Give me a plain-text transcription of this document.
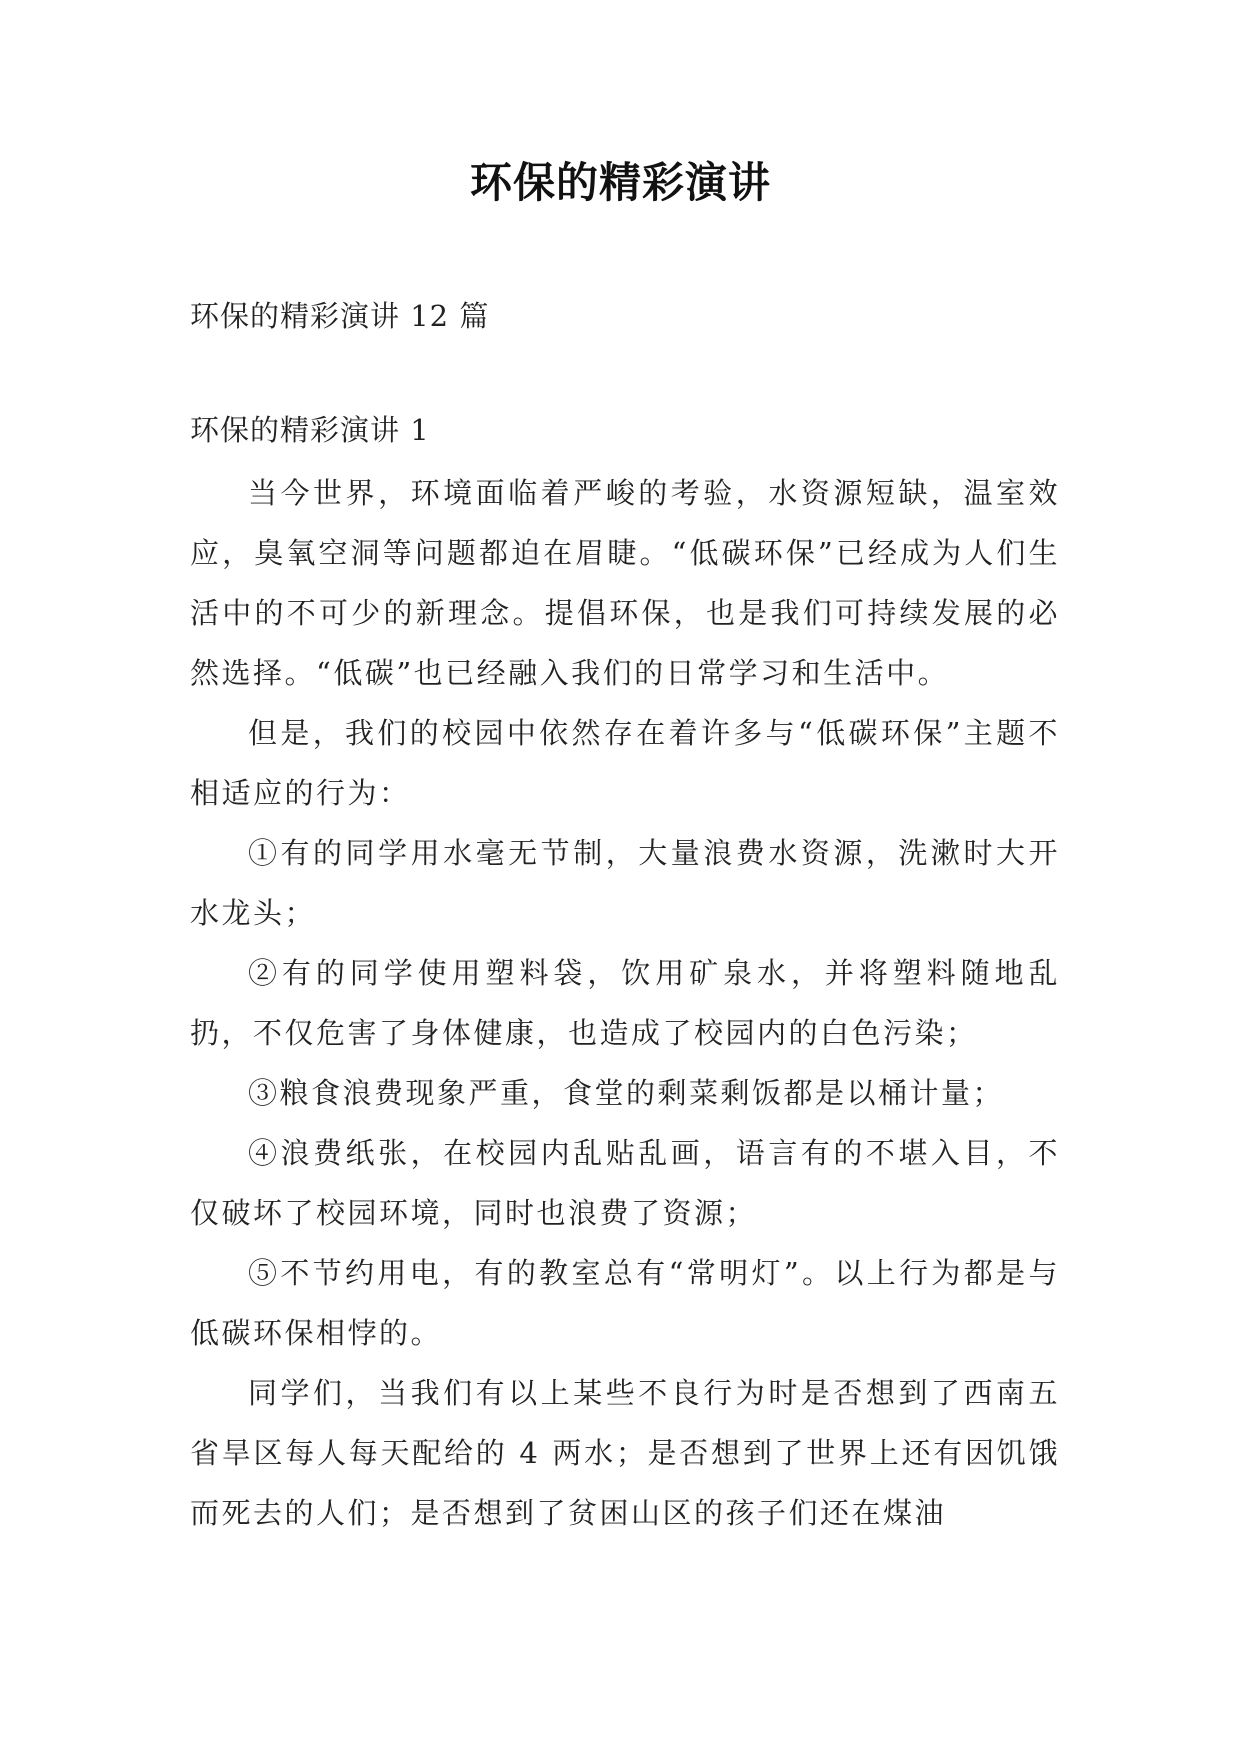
环保的精彩演讲
环保的精彩演讲 12 篇
环保的精彩演讲 1

当今世界，环境面临着严峻的考验，水资源短缺，温室效应，臭氧空洞等问题都迫在眉睫。“低碳环保”已经成为人们生活中的不可少的新理念。提倡环保，也是我们可持续发展的必然选择。“低碳”也已经融入我们的日常学习和生活中。

但是，我们的校园中依然存在着许多与“低碳环保”主题不相适应的行为：

①有的同学用水毫无节制，大量浪费水资源，洗漱时大开水龙头；

②有的同学使用塑料袋，饮用矿泉水，并将塑料随地乱扔，不仅危害了身体健康，也造成了校园内的白色污染；

③粮食浪费现象严重，食堂的剩菜剩饭都是以桶计量；

④浪费纸张，在校园内乱贴乱画，语言有的不堪入目，不仅破坏了校园环境，同时也浪费了资源；

⑤不节约用电，有的教室总有“常明灯”。以上行为都是与低碳环保相悖的。

同学们，当我们有以上某些不良行为时是否想到了西南五省旱区每人每天配给的 4 两水；是否想到了世界上还有因饥饿而死去的人们；是否想到了贫困山区的孩子们还在煤油
